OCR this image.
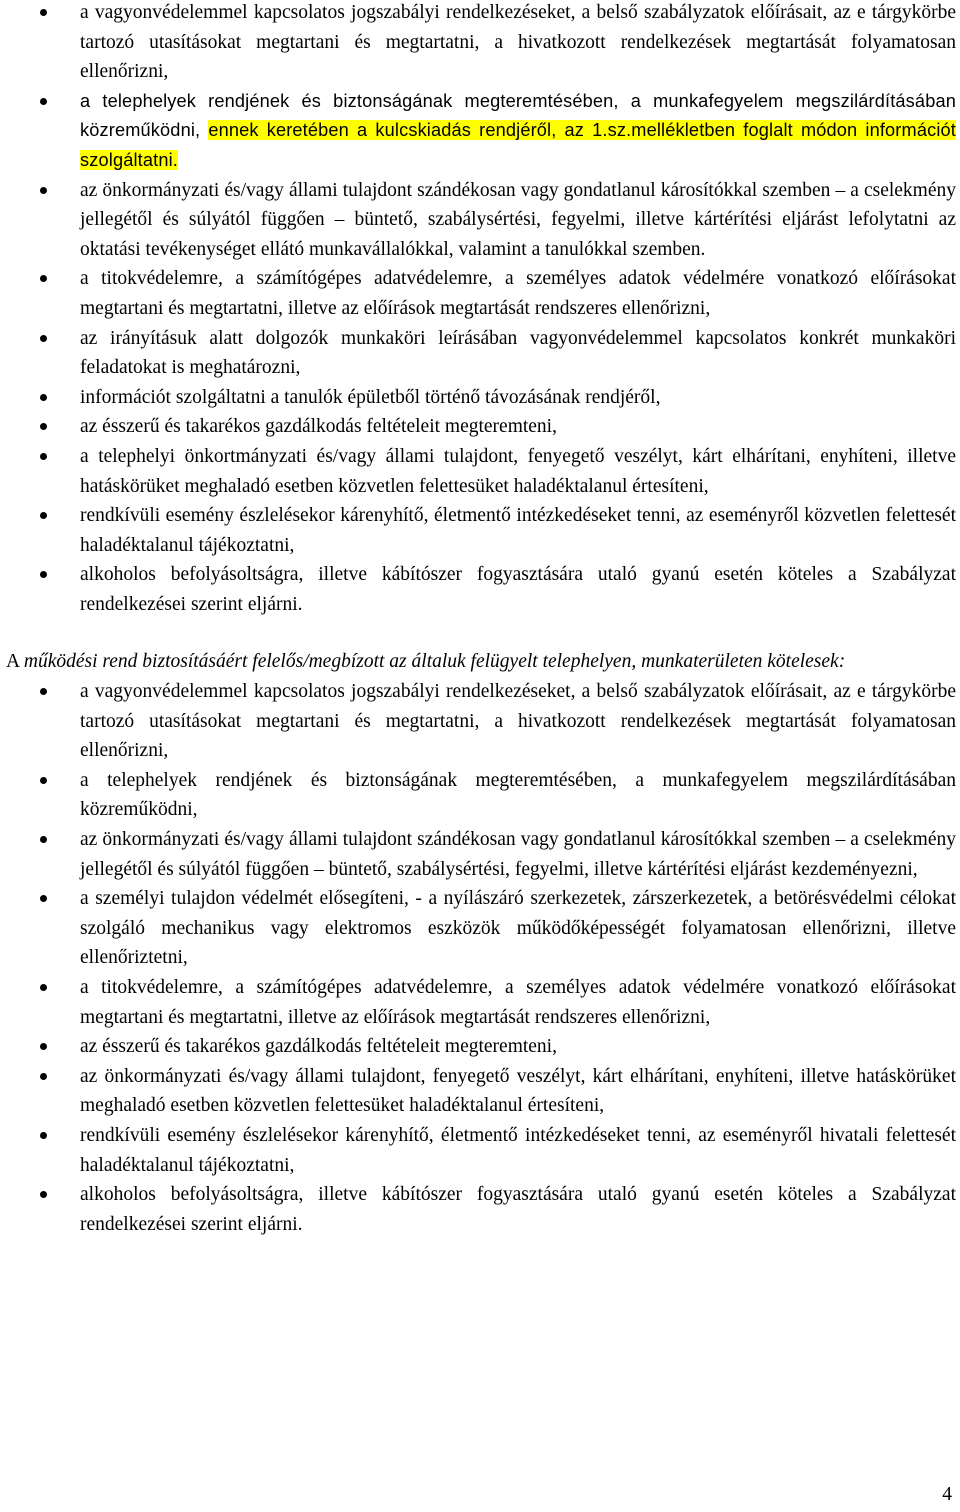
a vagyonvédelemmel kapcsolatos jogszabályi rendelkezéseket, a belső szabályzatok előírásait, az e tárgykörbe tartozó utasításokat megtartani és megtartatni, a hivatkozott rendelkezések megtartását folyamatosan ellenőrizni,
a telephelyek rendjének és biztonságának megteremtésében, a munkafegyelem megszilárdításában közreműködni, ennek keretében a kulcskiadás rendjéről, az 1.sz.mellékletben foglalt módon információt szolgáltatni.
az önkormányzati és/vagy állami tulajdont szándékosan vagy gondatlanul károsítókkal szemben – a cselekmény jellegétől és súlyától függően – büntető, szabálysértési, fegyelmi, illetve kártérítési eljárást lefolytatni az oktatási tevékenységet ellátó munkavállalókkal, valamint a tanulókkal szemben.
a titokvédelemre, a számítógépes adatvédelemre, a személyes adatok védelmére vonatkozó előírásokat megtartani és megtartatni, illetve az előírások megtartását rendszeres ellenőrizni,
az irányításuk alatt dolgozók munkaköri leírásában vagyonvédelemmel kapcsolatos konkrét munkaköri feladatokat is meghatározni,
információt szolgáltatni a tanulók épületből történő távozásának rendjéről,
az ésszerű és takarékos gazdálkodás feltételeit megteremteni,
a telephelyi önkortmányzati és/vagy állami tulajdont, fenyegető veszélyt, kárt elhárítani, enyhíteni, illetve hatáskörüket meghaladó esetben közvetlen felettesüket haladéktalanul értesíteni,
rendkívüli esemény észlelésekor kárenyhítő, életmentő intézkedéseket tenni, az eseményről közvetlen felettesét haladéktalanul tájékoztatni,
alkoholos befolyásoltságra, illetve kábítószer fogyasztására utaló gyanú esetén köteles a Szabályzat rendelkezései szerint eljárni.

A működési rend biztosításáért felelős/megbízott az általuk felügyelt telephelyen, munkaterületen kötelesek:

a vagyonvédelemmel kapcsolatos jogszabályi rendelkezéseket, a belső szabályzatok előírásait, az e tárgykörbe tartozó utasításokat megtartani és megtartatni, a hivatkozott rendelkezések megtartását folyamatosan ellenőrizni,
a telephelyek rendjének és biztonságának megteremtésében, a munkafegyelem megszilárdításában közreműködni,
az önkormányzati és/vagy állami tulajdont szándékosan vagy gondatlanul károsítókkal szemben – a cselekmény jellegétől és súlyától függően – büntető, szabálysértési, fegyelmi, illetve kártérítési eljárást kezdeményezni,
a személyi tulajdon védelmét elősegíteni, - a nyílászáró szerkezetek, zárszerkezetek, a betörésvédelmi célokat szolgáló mechanikus vagy elektromos eszközök működőképességét folyamatosan ellenőrizni, illetve ellenőriztetni,
a titokvédelemre, a számítógépes adatvédelemre, a személyes adatok védelmére vonatkozó előírásokat megtartani és megtartatni, illetve az előírások megtartását rendszeres ellenőrizni,
az ésszerű és takarékos gazdálkodás feltételeit megteremteni,
az önkormányzati és/vagy állami tulajdont, fenyegető veszélyt, kárt elhárítani, enyhíteni, illetve hatáskörüket meghaladó esetben közvetlen felettesüket haladéktalanul értesíteni,
rendkívüli esemény észlelésekor kárenyhítő, életmentő intézkedéseket tenni, az eseményről hivatali felettesét haladéktalanul tájékoztatni,
alkoholos befolyásoltságra, illetve kábítószer fogyasztására utaló gyanú esetén köteles a Szabályzat rendelkezései szerint eljárni.
4
